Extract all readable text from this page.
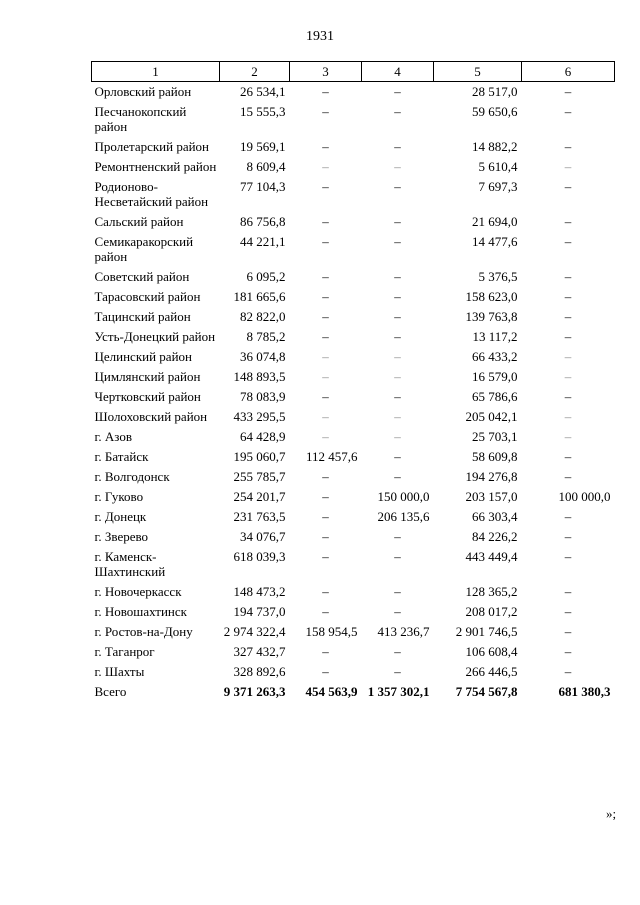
1931
1	2	3	4	5	6
Орловский район	26 534,1	–	–	28 517,0	–
Песчанокопский район	15 555,3	–	–	59 650,6	–
Пролетарский район	19 569,1	–	–	14 882,2	–
Ремонтненский район	8 609,4	–	–	5 610,4	–
Родионово-Несветайский район	77 104,3	–	–	7 697,3	–
Сальский район	86 756,8	–	–	21 694,0	–
Семикаракорский район	44 221,1	–	–	14 477,6	–
Советский район	6 095,2	–	–	5 376,5	–
Тарасовский район	181 665,6	–	–	158 623,0	–
Тацинский район	82 822,0	–	–	139 763,8	–
Усть-Донецкий район	8 785,2	–	–	13 117,2	–
Целинский район	36 074,8	–	–	66 433,2	–
Цимлянский район	148 893,5	–	–	16 579,0	–
Чертковский район	78 083,9	–	–	65 786,6	–
Шолоховский район	433 295,5	–	–	205 042,1	–
г. Азов	64 428,9	–	–	25 703,1	–
г. Батайск	195 060,7	112 457,6	–	58 609,8	–
г. Волгодонск	255 785,7	–	–	194 276,8	–
г. Гуково	254 201,7	–	150 000,0	203 157,0	100 000,0
г. Донецк	231 763,5	–	206 135,6	66 303,4	–
г. Зверево	34 076,7	–	–	84 226,2	–
г. Каменск-Шахтинский	618 039,3	–	–	443 449,4	–
г. Новочеркасск	148 473,2	–	–	128 365,2	–
г. Новошахтинск	194 737,0	–	–	208 017,2	–
г. Ростов-на-Дону	2 974 322,4	158 954,5	413 236,7	2 901 746,5	–
г. Таганрог	327 432,7	–	–	106 608,4	–
г. Шахты	328 892,6	–	–	266 446,5	–
Всего	9 371 263,3	454 563,9	1 357 302,1	7 754 567,8	681 380,3
»;
